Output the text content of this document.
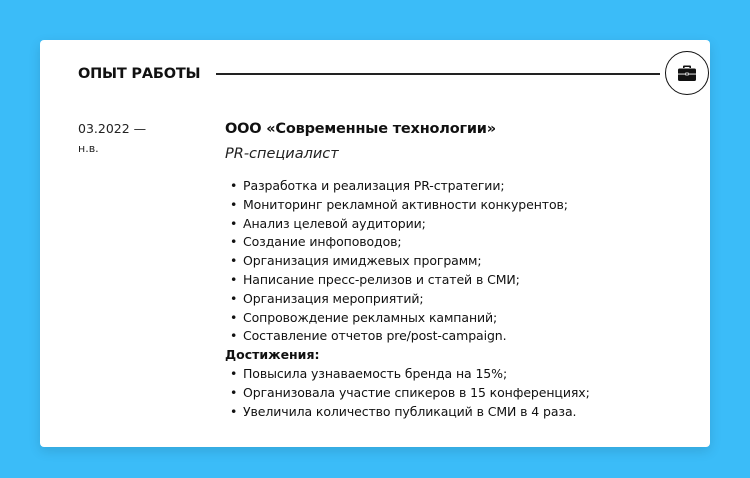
ОПЫТ РАБОТЫ
03.2022 —
н.в.
ООО «Современные технологии»
PR-специалист
• Разработка и реализация PR-стратегии;
• Мониторинг рекламной активности конкурентов;
• Анализ целевой аудитории;
• Создание инфоповодов;
• Организация имиджевых программ;
• Написание пресс-релизов и статей в СМИ;
• Организация мероприятий;
• Сопровождение рекламных кампаний;
• Составление отчетов pre/post-campaign.
Достижения:
• Повысила узнаваемость бренда на 15%;
• Организовала участие спикеров в 15 конференциях;
• Увеличила количество публикаций в СМИ в 4 раза.
